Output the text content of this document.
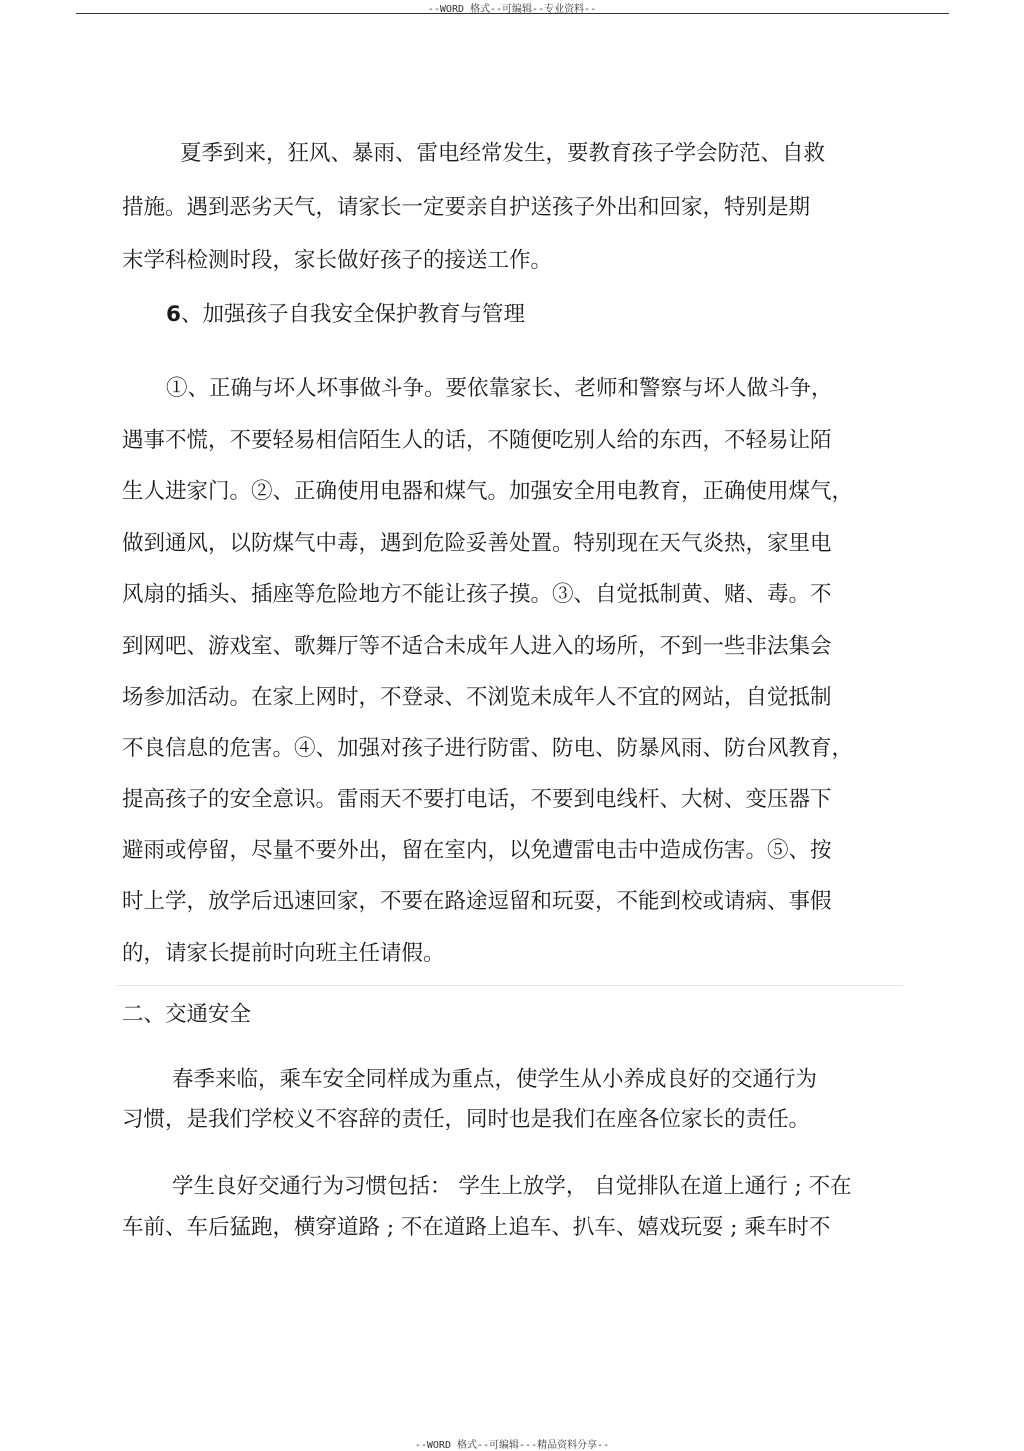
--WORD 格式--可编辑--专业资料--
夏季到来，狂风、暴雨、雷电经常发生，要教育孩子学会防范、自救
措施。遇到恶劣天气，请家长一定要亲自护送孩子外出和回家，特别是期
末学科检测时段，家长做好孩子的接送工作。
6、加强孩子自我安全保护教育与管理
①、正确与坏人坏事做斗争。要依靠家长、老师和警察与坏人做斗争，
遇事不慌，不要轻易相信陌生人的话，不随便吃别人给的东西，不轻易让陌
生人进家门。②、正确使用电器和煤气。加强安全用电教育，正确使用煤气，
做到通风，以防煤气中毒，遇到危险妥善处置。特别现在天气炎热，家里电
风扇的插头、插座等危险地方不能让孩子摸。③、自觉抵制黄、赌、毒。不
到网吧、游戏室、歌舞厅等不适合未成年人进入的场所，不到一些非法集会
场参加活动。在家上网时，不登录、不浏览未成年人不宜的网站，自觉抵制
不良信息的危害。④、加强对孩子进行防雷、防电、防暴风雨、防台风教育，
提高孩子的安全意识。雷雨天不要打电话，不要到电线杆、大树、变压器下
避雨或停留，尽量不要外出，留在室内，以免遭雷电击中造成伤害。⑤、按
时上学，放学后迅速回家，不要在路途逗留和玩耍，不能到校或请病、事假
的，请家长提前时向班主任请假。
二、交通安全
春季来临，乘车安全同样成为重点，使学生从小养成良好的交通行为
习惯，是我们学校义不容辞的责任，同时也是我们在座各位家长的责任。
学生良好交通行为习惯包括： 学生上放学， 自觉排队在道上通行 ; 不在
车前、车后猛跑，横穿道路 ; 不在道路上追车、扒车、嬉戏玩耍 ; 乘车时不
--WORD 格式--可编辑---精品资料分享--
